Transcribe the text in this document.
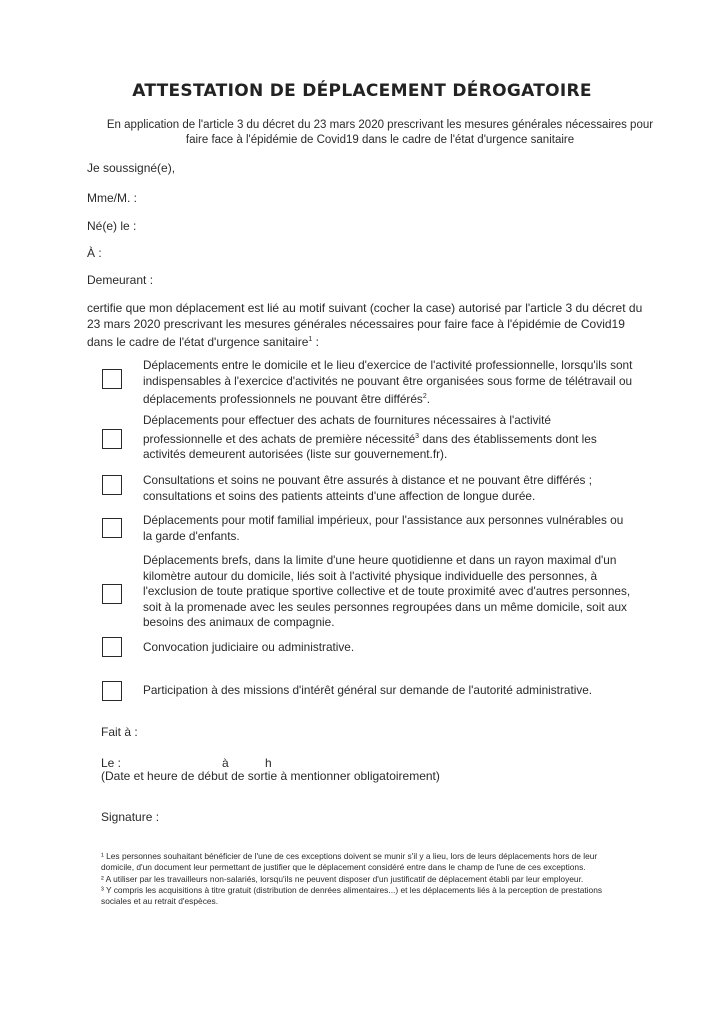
ATTESTATION DE DÉPLACEMENT DÉROGATOIRE
En application de l'article 3 du décret du 23 mars 2020 prescrivant les mesures générales nécessaires pour faire face à l'épidémie de Covid19 dans le cadre de l'état d'urgence sanitaire
Je soussigné(e),
Mme/M. :
Né(e) le :
À :
Demeurant :
certifie que mon déplacement est lié au motif suivant (cocher la case) autorisé par l'article 3 du décret du 23 mars 2020 prescrivant les mesures générales nécessaires pour faire face à l'épidémie de Covid19 dans le cadre de l'état d'urgence sanitaire$^1$ :
Déplacements entre le domicile et le lieu d'exercice de l'activité professionnelle, lorsqu'ils sont indispensables à l'exercice d'activités ne pouvant être organisées sous forme de télétravail ou déplacements professionnels ne pouvant être différés$^2$.
Déplacements pour effectuer des achats de fournitures nécessaires à l'activité professionnelle et des achats de première nécessité$^3$ dans des établissements dont les activités demeurent autorisées (liste sur gouvernement.fr).
Consultations et soins ne pouvant être assurés à distance et ne pouvant être différés ; consultations et soins des patients atteints d'une affection de longue durée.
Déplacements pour motif familial impérieux, pour l'assistance aux personnes vulnérables ou la garde d'enfants.
Déplacements brefs, dans la limite d'une heure quotidienne et dans un rayon maximal d'un kilomètre autour du domicile, liés soit à l'activité physique individuelle des personnes, à l'exclusion de toute pratique sportive collective et de toute proximité avec d'autres personnes, soit à la promenade avec les seules personnes regroupées dans un même domicile, soit aux besoins des animaux de compagnie.
Convocation judiciaire ou administrative.
Participation à des missions d'intérêt général sur demande de l'autorité administrative.
Fait à :
Le :	à	h
(Date et heure de début de sortie à mentionner obligatoirement)
Signature :

¹ Les personnes souhaitant bénéficier de l'une de ces exceptions doivent se munir s'il y a lieu, lors de leurs déplacements hors de leur domicile, d'un document leur permettant de justifier que le déplacement considéré entre dans le champ de l'une de ces exceptions.

² A utiliser par les travailleurs non-salariés, lorsqu'ils ne peuvent disposer d'un justificatif de déplacement établi par leur employeur.

³ Y compris les acquisitions à titre gratuit (distribution de denrées alimentaires...) et les déplacements liés à la perception de prestations sociales et au retrait d'espèces.
